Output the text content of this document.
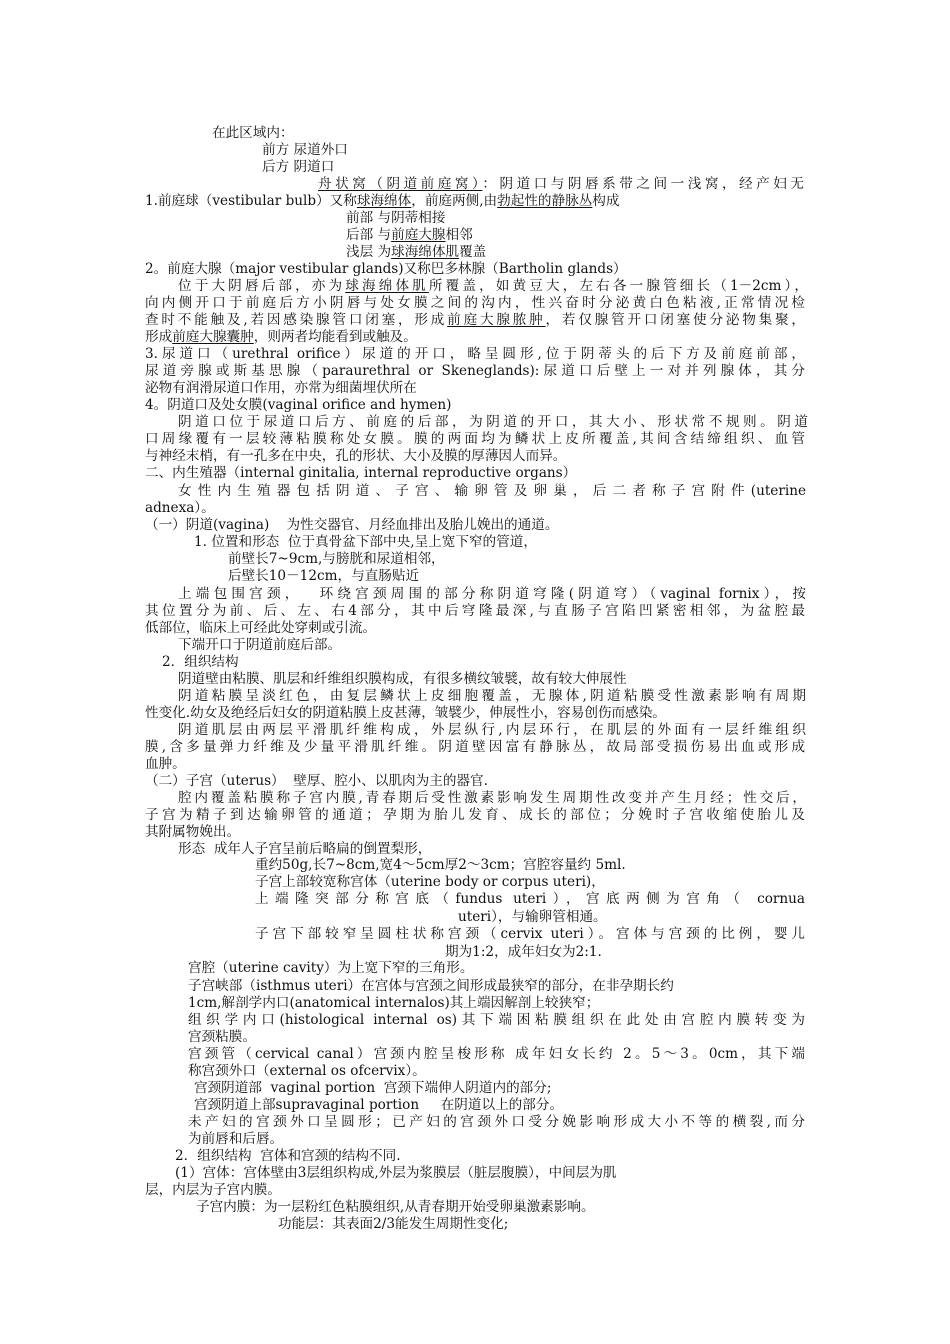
在此区域内：
前方 尿道外口
后方 阴道口
舟状窝（阴道前庭窝）：阴道口与阴唇系带之间一浅窝，经产妇无
1.前庭球（vestibular bulb）又称球海绵体，前庭两侧,由勃起性的静脉丛构成
前部 与阴蒂相接
后部 与前庭大腺相邻
浅层 为球海绵体肌覆盖
2。前庭大腺（major vestibular glands)又称巴多林腺（Bartholin glands）
位于大阴唇后部，亦为球海绵体肌所覆盖，如黄豆大，左右各一腺管细长（1－2cm），
向内侧开口于前庭后方小阴唇与处女膜之间的沟内，性兴奋时分泌黄白色粘液,正常情况检
查时不能触及,若因感染腺管口闭塞，形成前庭大腺脓肿，若仅腺管开口闭塞使分泌物集聚，
形成前庭大腺囊肿，则两者均能看到或触及。
3.尿道口（urethral orifice）尿道的开口，略呈圆形,位于阴蒂头的后下方及前庭前部，
尿道旁腺或斯基思腺（paraurethral or Skeneglands):尿道口后壁上一对并列腺体，其分
泌物有润滑尿道口作用，亦常为细菌埋伏所在
4。阴道口及处女膜(vaginal orifice and hymen)
阴道口位于尿道口后方、前庭的后部，为阴道的开口，其大小、形状常不规则。阴道
口周缘覆有一层较薄粘膜称处女膜。膜的两面均为鳞状上皮所覆盖,其间含结缔组织、血管
与神经末梢，有一孔多在中央，孔的形状、大小及膜的厚薄因人而异。
二、内生殖器（internal ginitalia, internal reproductive organs）
女性内生殖器包括阴道、子宫、输卵管及卵巢，后二者称子宫附件(uterine
adnexa）。
（一）阴道(vagina)    为性交器官、月经血排出及胎儿娩出的通道。
1. 位置和形态  位于真骨盆下部中央,呈上宽下窄的管道，
前壁长7~9cm,与膀胱和尿道相邻，
后壁长10－12cm，与直肠贴近
上端包围宫颈，  环绕宫颈周围的部分称阴道穹隆(阴道穹）（vaginal fornix），按
其位置分为前、后、左、右4部分，其中后穹隆最深,与直肠子宫陷凹紧密相邻，为盆腔最
低部位，临床上可经此处穿刺或引流。
下端开口于阴道前庭后部。
2．组织结构
阴道壁由粘膜、肌层和纤维组织膜构成，有很多横纹皱襞，故有较大伸展性
阴道粘膜呈淡红色，由复层鳞状上皮细胞覆盖，无腺体,阴道粘膜受性激素影响有周期
性变化.幼女及绝经后妇女的阴道粘膜上皮甚薄，皱襞少，伸展性小，容易创伤而感染。
阴道肌层由两层平滑肌纤维构成，外层纵行,内层环行，在肌层的外面有一层纤维组织
膜,含多量弹力纤维及少量平滑肌纤维。阴道壁因富有静脉丛，故局部受损伤易出血或形成
血肿。
（二）子宫（uterus）  壁厚、腔小、以肌肉为主的器官.
腔内覆盖粘膜称子宫内膜,青春期后受性激素影响发生周期性改变并产生月经；性交后，
子宫为精子到达输卵管的通道；孕期为胎儿发育、成长的部位；分娩时子宫收缩使胎儿及
其附属物娩出。
形态  成年人子宫呈前后略扁的倒置梨形，
重约50g,长7~8cm,宽4～5cm厚2～3cm；宫腔容量约 5ml.
子宫上部较宽称宫体（uterine body or corpus uteri)，
上端隆突部分称宫底（fundus uteri），宫底两侧为宫角（ cornua
uteri），与输卵管相通。
子宫下部较窄呈圆柱状称宫颈（cervix uteri）。宫体与宫颈的比例，婴儿
期为1:2，成年妇女为2:1.
宫腔（uterine cavity）为上宽下窄的三角形。
子宫峡部（isthmus uteri）在宫体与宫颈之间形成最狭窄的部分，在非孕期长约
1cm,解剖学内口(anatomical internalos)其上端因解剖上较狭窄；
组织学内口(histological internal os)其下端困粘膜组织在此处由宫腔内膜转变为
宫颈粘膜。
宫颈管（cervical canal）宫颈内腔呈梭形称 成年妇女长约 2。5～3。0cm，其下端
称宫颈外口（external os ofcervix）。
宫颈阴道部  vaginal portion  宫颈下端伸人阴道内的部分;
宫颈阴道上部supravaginal portion     在阴道以上的部分。
未产妇的宫颈外口呈圆形；已产妇的宫颈外口受分娩影响形成大小不等的横裂,而分
为前唇和后唇。
2．组织结构  宫体和宫颈的结构不同.
(1）宫体：宫体壁由3层组织构成,外层为浆膜层（脏层腹膜），中间层为肌
层，内层为子宫内膜。
子宫内膜：为一层粉红色粘膜组织,从青春期开始受卵巢激素影响。
功能层：其表面2/3能发生周期性变化;
